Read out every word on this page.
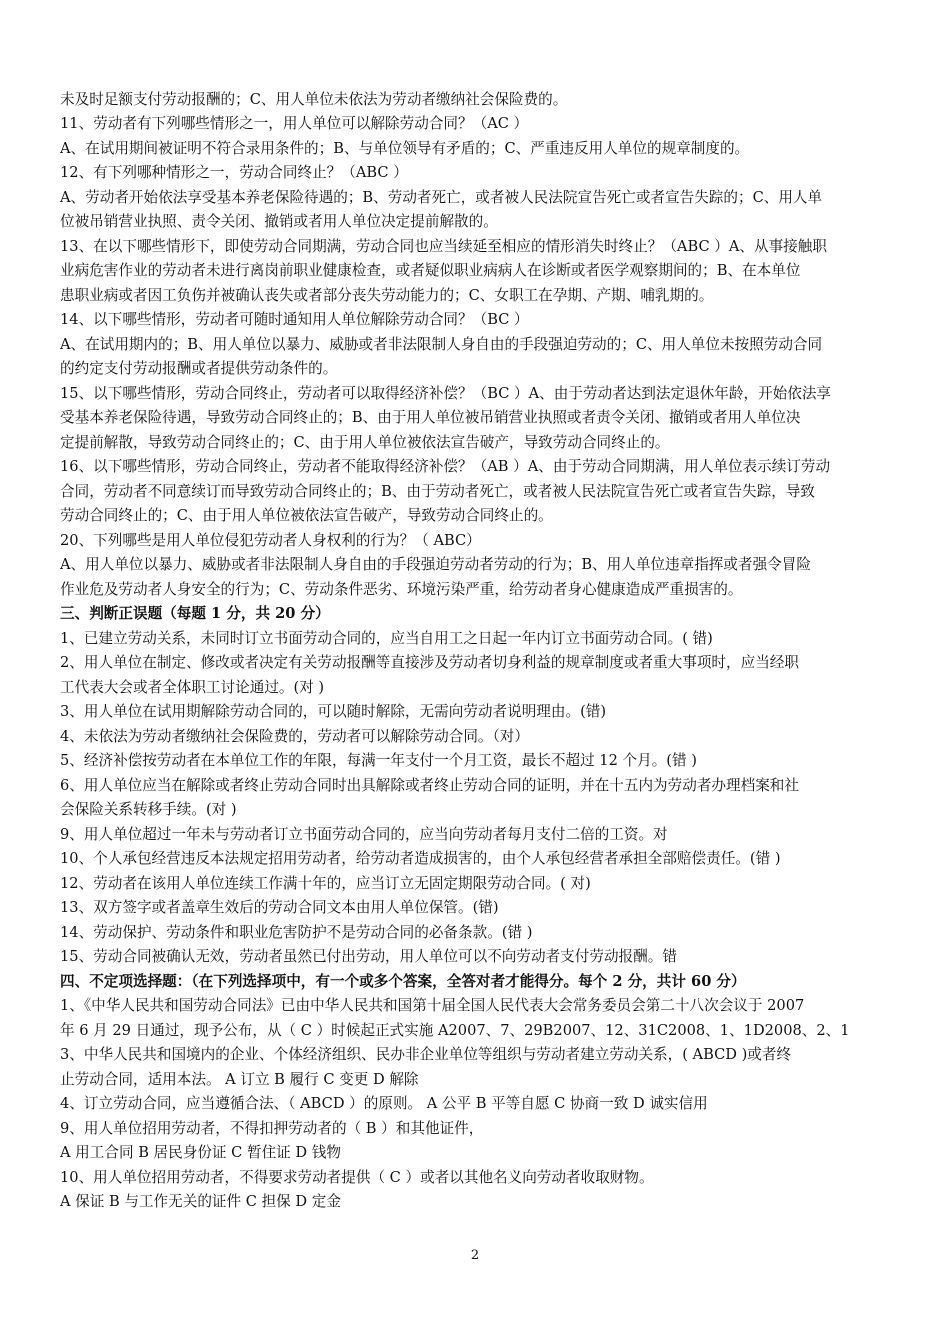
未及时足额支付劳动报酬的；C、用人单位未依法为劳动者缴纳社会保险费的。
11、劳动者有下列哪些情形之一，用人单位可以解除劳动合同？（AC ）
A、在试用期间被证明不符合录用条件的；B、与单位领导有矛盾的；C、严重违反用人单位的规章制度的。
12、有下列哪种情形之一，劳动合同终止？（ABC ）
A、劳动者开始依法享受基本养老保险待遇的；B、劳动者死亡，或者被人民法院宣告死亡或者宣告失踪的；C、用人单
位被吊销营业执照、责令关闭、撤销或者用人单位决定提前解散的。
13、在以下哪些情形下，即使劳动合同期满，劳动合同也应当续延至相应的情形消失时终止？（ABC ）A、从事接触职
业病危害作业的劳动者未进行离岗前职业健康检查，或者疑似职业病病人在诊断或者医学观察期间的；B、在本单位
患职业病或者因工负伤并被确认丧失或者部分丧失劳动能力的；C、女职工在孕期、产期、哺乳期的。
14、以下哪些情形，劳动者可随时通知用人单位解除劳动合同？（BC ）
A、在试用期内的；B、用人单位以暴力、威胁或者非法限制人身自由的手段强迫劳动的；C、用人单位未按照劳动合同
的约定支付劳动报酬或者提供劳动条件的。
15、以下哪些情形，劳动合同终止，劳动者可以取得经济补偿？（BC ）A、由于劳动者达到法定退休年龄，开始依法享
受基本养老保险待遇，导致劳动合同终止的；B、由于用人单位被吊销营业执照或者责令关闭、撤销或者用人单位决
定提前解散，导致劳动合同终止的；C、由于用人单位被依法宣告破产，导致劳动合同终止的。
16、以下哪些情形，劳动合同终止，劳动者不能取得经济补偿？（AB ）A、由于劳动合同期满，用人单位表示续订劳动
合同，劳动者不同意续订而导致劳动合同终止的；B、由于劳动者死亡，或者被人民法院宣告死亡或者宣告失踪，导致
劳动合同终止的；C、由于用人单位被依法宣告破产，导致劳动合同终止的。
20、下列哪些是用人单位侵犯劳动者人身权利的行为？（ ABC）
A、用人单位以暴力、威胁或者非法限制人身自由的手段强迫劳动者劳动的行为；B、用人单位违章指挥或者强令冒险
作业危及劳动者人身安全的行为；C、劳动条件恶劣、环境污染严重，给劳动者身心健康造成严重损害的。
三、判断正误题（每题 1 分，共 20 分）
1、已建立劳动关系，未同时订立书面劳动合同的，应当自用工之日起一年内订立书面劳动合同。( 错)
2、用人单位在制定、修改或者决定有关劳动报酬等直接涉及劳动者切身利益的规章制度或者重大事项时，应当经职
工代表大会或者全体职工讨论通过。(对 )
3、用人单位在试用期解除劳动合同的，可以随时解除，无需向劳动者说明理由。(错)
4、未依法为劳动者缴纳社会保险费的，劳动者可以解除劳动合同。（对）
5、经济补偿按劳动者在本单位工作的年限，每满一年支付一个月工资，最长不超过 12 个月。(错 )
6、用人单位应当在解除或者终止劳动合同时出具解除或者终止劳动合同的证明，并在十五内为劳动者办理档案和社
会保险关系转移手续。(对 )
9、用人单位超过一年未与劳动者订立书面劳动合同的，应当向劳动者每月支付二倍的工资。对
10、个人承包经营违反本法规定招用劳动者，给劳动者造成损害的，由个人承包经营者承担全部赔偿责任。(错 )
12、劳动者在该用人单位连续工作满十年的，应当订立无固定期限劳动合同。( 对)
13、双方签字或者盖章生效后的劳动合同文本由用人单位保管。(错)
14、劳动保护、劳动条件和职业危害防护不是劳动合同的必备条款。(错 )
15、劳动合同被确认无效，劳动者虽然已付出劳动，用人单位可以不向劳动者支付劳动报酬。错
四、不定项选择题：（在下列选择项中，有一个或多个答案，全答对者才能得分。每个 2 分，共计 60 分）
1、《中华人民共和国劳动合同法》已由中华人民共和国第十届全国人民代表大会常务委员会第二十八次会议于 2007
年 6 月 29 日通过，现予公布，从（ C ）时候起正式实施 A2007、7、29B2007、12、31C2008、1、1D2008、2、1
3、中华人民共和国境内的企业、个体经济组织、民办非企业单位等组织与劳动者建立劳动关系，( ABCD )或者终
止劳动合同，适用本法。 A 订立 B 履行 C 变更 D 解除
4、订立劳动合同，应当遵循合法、（ ABCD ）的原则。 A 公平 B 平等自愿 C 协商一致 D 诚实信用
9、用人单位招用劳动者，不得扣押劳动者的（ B ）和其他证件，
A 用工合同 B 居民身份证 C 暂住证 D 钱物
10、用人单位招用劳动者，不得要求劳动者提供（ C ）或者以其他名义向劳动者收取财物。
A 保证 B 与工作无关的证件 C 担保 D 定金
2
